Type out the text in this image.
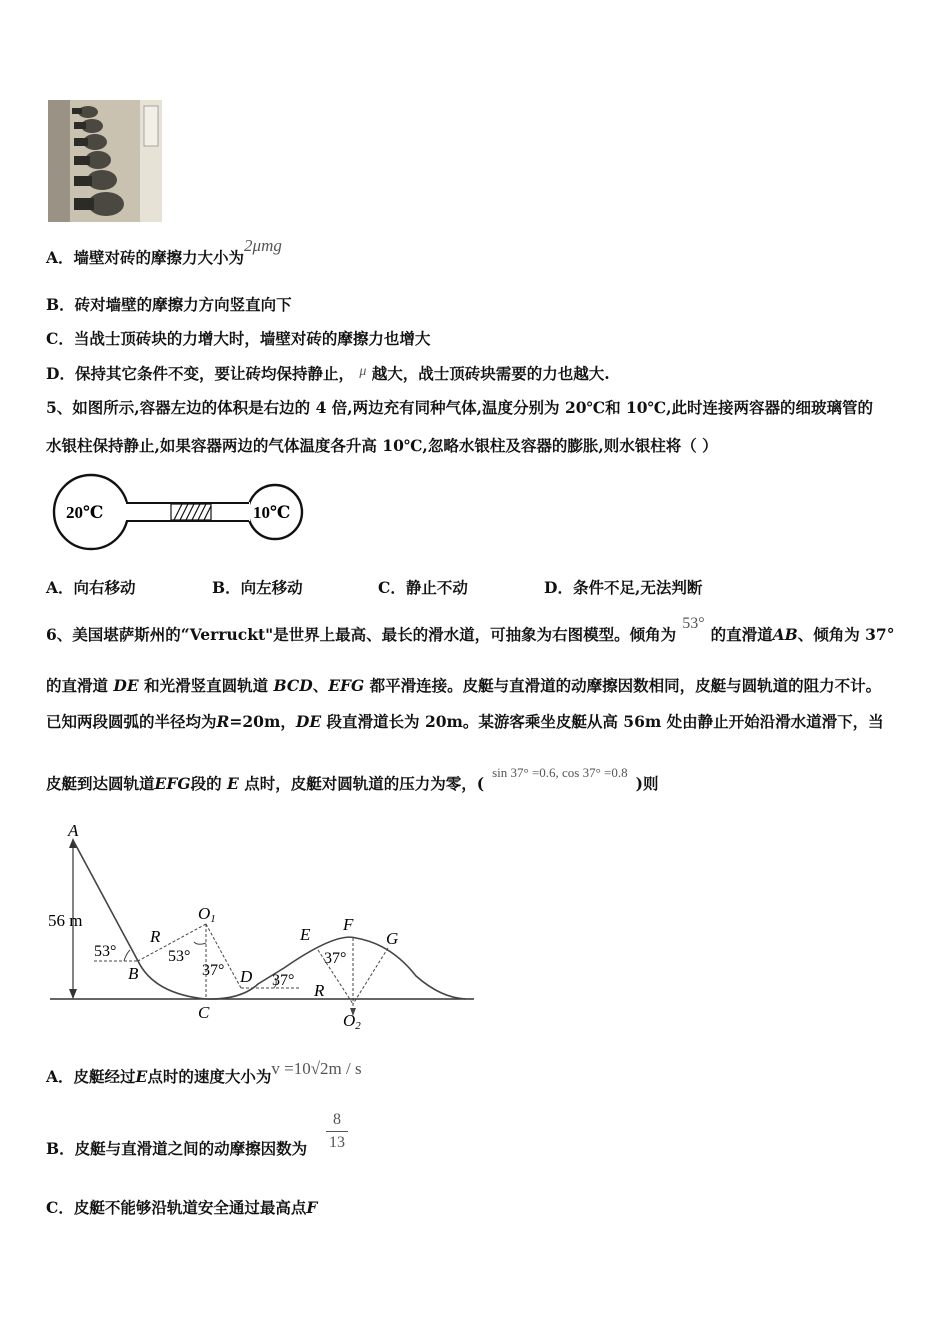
A．墙壁对砖的摩擦力大小为2μmg
B．砖对墙壁的摩擦力方向竖直向下
C．当战士顶砖块的力增大时，墙壁对砖的摩擦力也增大
D．保持其它条件不变，要让砖均保持静止， μ 越大，战士顶砖块需要的力也越大.
5、如图所示,容器左边的体积是右边的 4 倍,两边充有同种气体,温度分别为 20℃和 10℃,此时连接两容器的细玻璃管的
水银柱保持静止,如果容器两边的气体温度各升高 10℃,忽略水银柱及容器的膨胀,则水银柱将（ ）
20℃	10℃
A．向右移动	B．向左移动	C．静止不动	D．条件不足,无法判断
6、美国堪萨斯州的“Verruckt"是世界上最高、最长的滑水道，可抽象为右图模型。倾角为53°的直滑道AB、倾角为 37°
的直滑道 DE 和光滑竖直圆轨道 BCD、EFG 都平滑连接。皮艇与直滑道的动摩擦因数相同，皮艇与圆轨道的阻力不计。
已知两段圆弧的半径均为R=20m，DE 段直滑道长为 20m。某游客乘坐皮艇从高 56m 处由静止开始沿滑水道滑下，当
皮艇到达圆轨道EFG段的 E 点时，皮艇对圆轨道的压力为零，($^{sin 37^\circ =0.6, cos 37^\circ =0.8}$)则
A
B
C
D
E
F
G
O1
O2
R
R
56 m
53°	53°
37°
37°
37°
A．皮艇经过E点时的速度大小为v =10√2m / s
B．皮艇与直滑道之间的动摩擦因数为
8
13
C．皮艇不能够沿轨道安全通过最高点F
